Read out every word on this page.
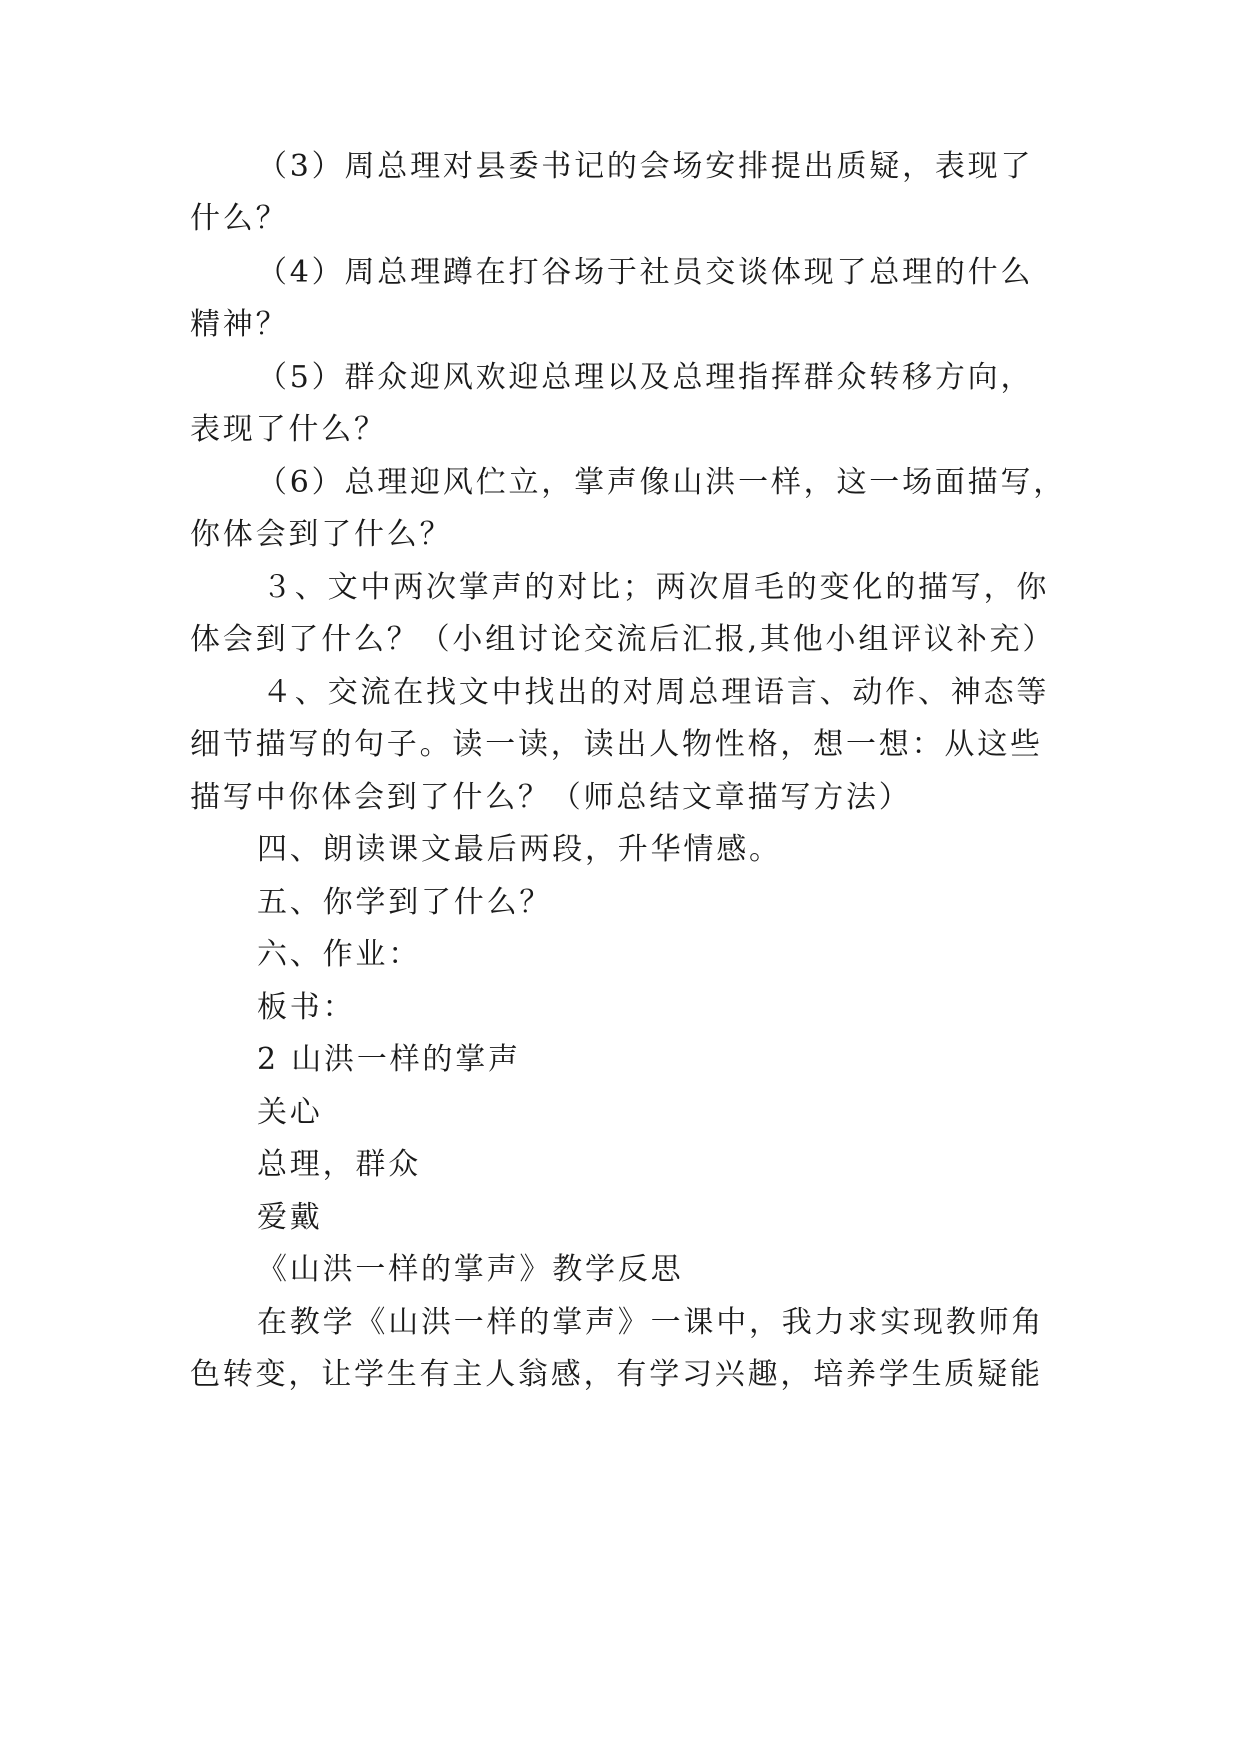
（3）周总理对县委书记的会场安排提出质疑，表现了
什么？
（4）周总理蹲在打谷场于社员交谈体现了总理的什么
精神？
（5）群众迎风欢迎总理以及总理指挥群众转移方向，
表现了什么？
（6）总理迎风伫立，掌声像山洪一样，这一场面描写，
你体会到了什么？
３、文中两次掌声的对比；两次眉毛的变化的描写，你
体会到了什么？（小组讨论交流后汇报,其他小组评议补充）
４、交流在找文中找出的对周总理语言、动作、神态等
细节描写的句子。读一读，读出人物性格，想一想：从这些
描写中你体会到了什么？（师总结文章描写方法）
四、朗读课文最后两段，升华情感。
五、你学到了什么？
六、作业：
板书：
2 山洪一样的掌声
关心
总理，群众
爱戴
《山洪一样的掌声》教学反思
在教学《山洪一样的掌声》一课中，我力求实现教师角
色转变，让学生有主人翁感，有学习兴趣，培养学生质疑能
